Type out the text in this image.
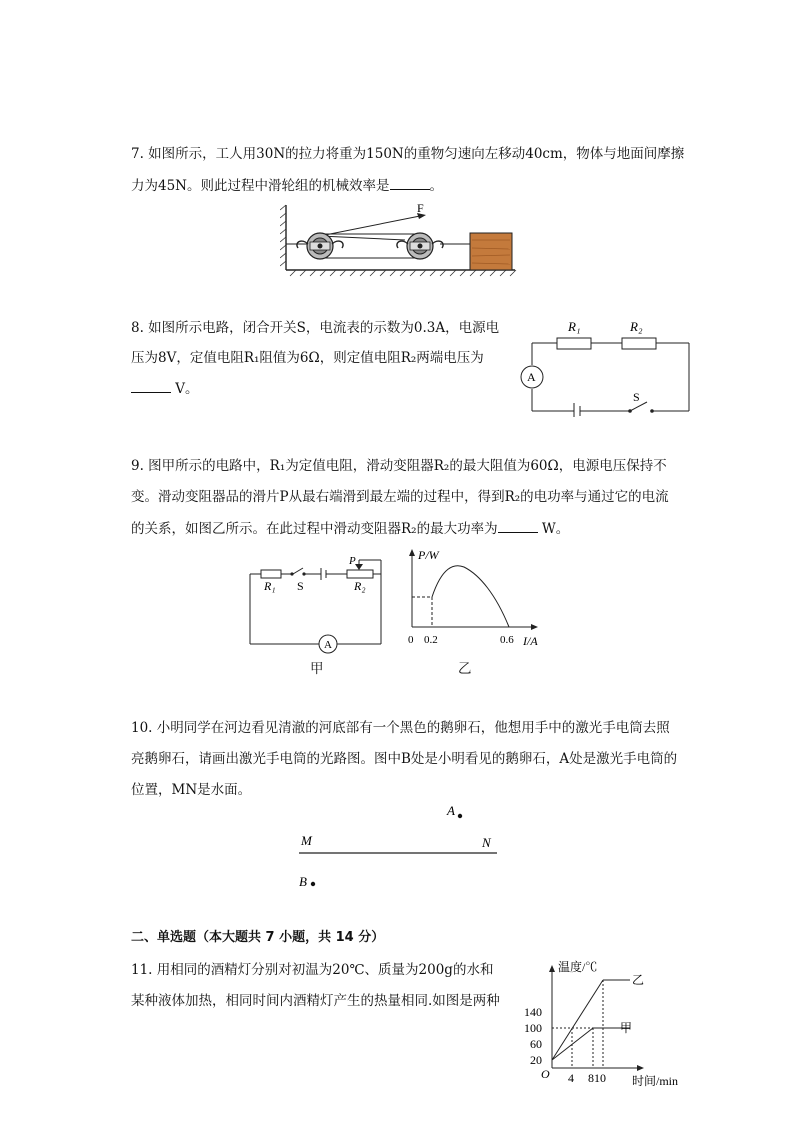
7. 如图所示，工人用30N的拉力将重为150N的重物匀速向左移动40cm，物体与地面间摩擦
力为45N。则此过程中滑轮组的机械效率是	。
F
8. 如图所示电路，闭合开关S，电流表的示数为0.3A，电源电
压为8V，定值电阻R₁阻值为6Ω，则定值电阻R₂两端电压为
V。
A
R₁	R₂
S
9. 图甲所示的电路中，R₁为定值电阻，滑动变阻器R₂的最大阻值为60Ω，电源电压保持不
变。滑动变阻器品的滑片P从最右端滑到最左端的过程中，得到R₂的电功率与通过它的电流
的关系，如图乙所示。在此过程中滑动变阻器R₂的最大功率为	W。
A
R₁ S	R₂
P
甲
P/W
0 0.2	0.6 I/A
乙
10. 小明同学在河边看见清澈的河底部有一个黑色的鹅卵石，他想用手中的激光手电筒去照
亮鹅卵石，请画出激光手电筒的光路图。图中B处是小明看见的鹅卵石，A处是激光手电筒的
位置，MN是水面。
A
M	N
B
二、单选题（本大题共 7 小题，共 14 分）
11. 用相同的酒精灯分别对初温为20℃、质量为200g的水和
某种液体加热，相同时间内酒精灯产生的热量相同.如图是两种
温度/℃
乙
甲
140
100
60
20
O 4 810 时间/min
